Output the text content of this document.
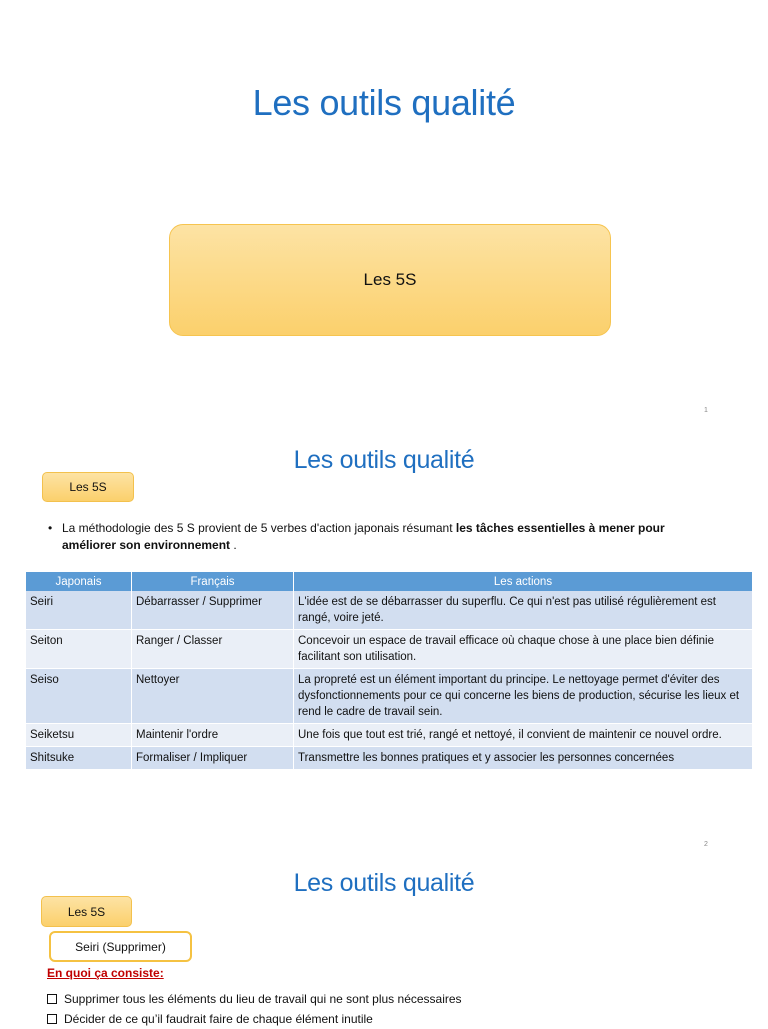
Les outils qualité
Les 5S
1
Les outils qualité
Les 5S
• La méthodologie des 5 S provient de 5 verbes d'action japonais résumant les tâches essentielles à mener pour améliorer son environnement .
Japonais	Français	Les actions
Seiri	Débarrasser / Supprimer	L'idée est de se débarrasser du superflu. Ce qui n'est pas utilisé régulièrement est rangé, voire jeté.
Seiton	Ranger / Classer	Concevoir un espace de travail efficace où chaque chose à une place bien définie facilitant son utilisation.
Seiso	Nettoyer	La propreté est un élément important du principe. Le nettoyage permet d'éviter des dysfonctionnements pour ce qui concerne les biens de production, sécurise les lieux et rend le cadre de travail sein.
Seiketsu	Maintenir l'ordre	Une fois que tout est trié, rangé et nettoyé, il convient de maintenir ce nouvel ordre.
Shitsuke	Formaliser / Impliquer	Transmettre les bonnes pratiques et y associer les personnes concernées
2
Les outils qualité
Les 5S
Seiri (Supprimer)
En quoi ça consiste:
Supprimer tous les éléments du lieu de travail qui ne sont plus nécessaires
Décider de ce qu’il faudrait faire de chaque élément inutile
